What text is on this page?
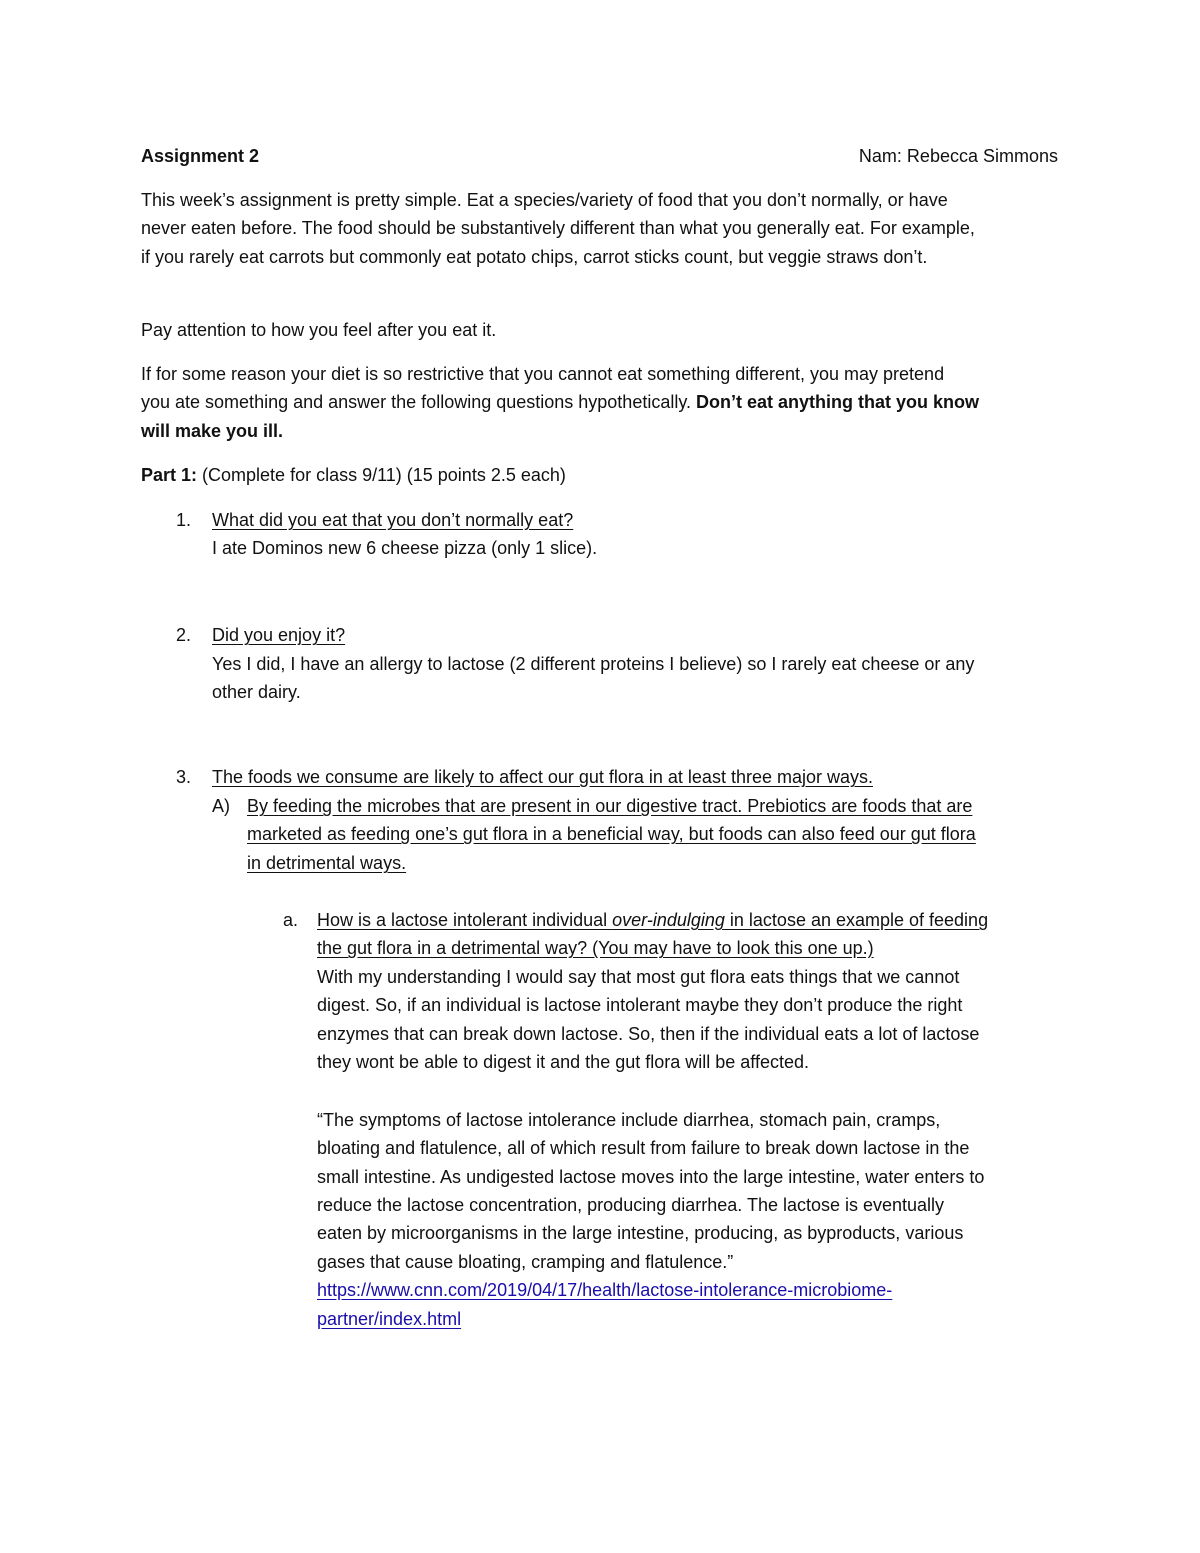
Assignment 2	Nam: Rebecca Simmons
This week’s assignment is pretty simple. Eat a species/variety of food that you don’t normally, or have
never eaten before. The food should be substantively different than what you generally eat. For example,
if you rarely eat carrots but commonly eat potato chips, carrot sticks count, but veggie straws don’t.
Pay attention to how you feel after you eat it.
If for some reason your diet is so restrictive that you cannot eat something different, you may pretend
you ate something and answer the following questions hypothetically. Don’t eat anything that you know
will make you ill.
Part 1: (Complete for class 9/11) (15 points 2.5 each)
1. What did you eat that you don’t normally eat?
I ate Dominos new 6 cheese pizza (only 1 slice).
2. Did you enjoy it?
Yes I did, I have an allergy to lactose (2 different proteins I believe) so I rarely eat cheese or any
other dairy.
3. The foods we consume are likely to affect our gut flora in at least three major ways.
A) By feeding the microbes that are present in our digestive tract. Prebiotics are foods that are
marketed as feeding one’s gut flora in a beneficial way, but foods can also feed our gut flora
in detrimental ways.
a. How is a lactose intolerant individual over-indulging in lactose an example of feeding
the gut flora in a detrimental way? (You may have to look this one up.)
With my understanding I would say that most gut flora eats things that we cannot
digest. So, if an individual is lactose intolerant maybe they don’t produce the right
enzymes that can break down lactose. So, then if the individual eats a lot of lactose
they wont be able to digest it and the gut flora will be affected.
“The symptoms of lactose intolerance include diarrhea, stomach pain, cramps,
bloating and flatulence, all of which result from failure to break down lactose in the
small intestine. As undigested lactose moves into the large intestine, water enters to
reduce the lactose concentration, producing diarrhea. The lactose is eventually
eaten by microorganisms in the large intestine, producing, as byproducts, various
gases that cause bloating, cramping and flatulence.”
https://www.cnn.com/2019/04/17/health/lactose-intolerance-microbiome-
partner/index.html
